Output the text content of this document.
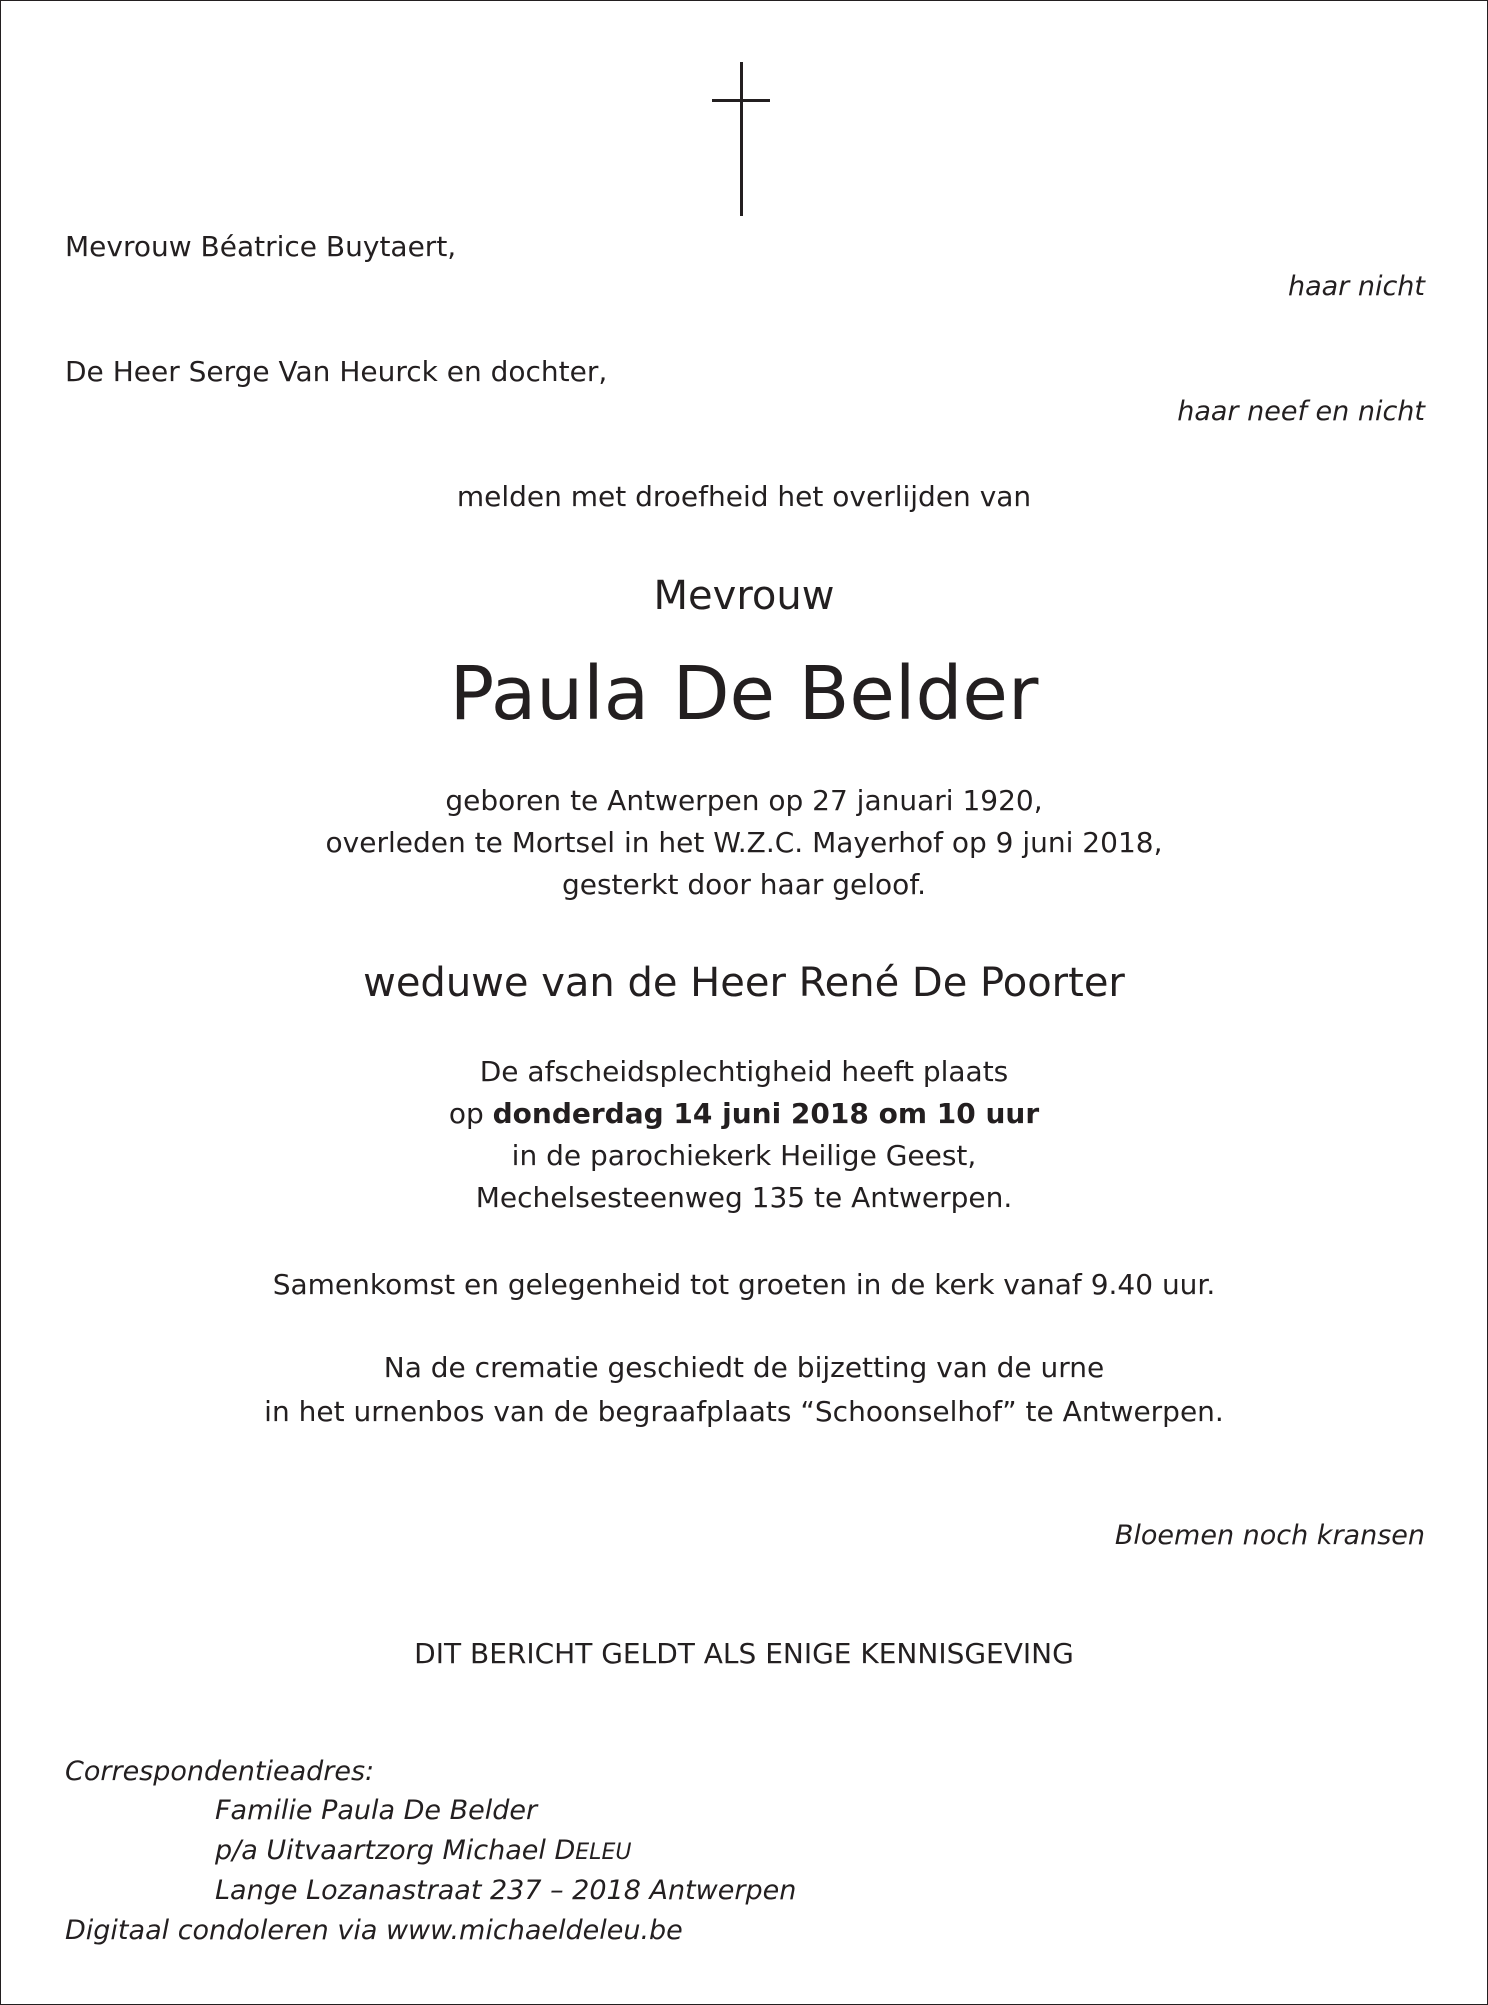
Mevrouw Béatrice Buytaert,
haar nicht
De Heer Serge Van Heurck en dochter,
haar neef en nicht
melden met droefheid het overlijden van
Mevrouw
Paula De Belder
geboren te Antwerpen op 27 januari 1920,
overleden te Mortsel in het W.Z.C. Mayerhof op 9 juni 2018,
gesterkt door haar geloof.
weduwe van de Heer René De Poorter
De afscheidsplechtigheid heeft plaats
op donderdag 14 juni 2018 om 10 uur
in de parochiekerk Heilige Geest,
Mechelsesteenweg 135 te Antwerpen.
Samenkomst en gelegenheid tot groeten in de kerk vanaf 9.40 uur.
Na de crematie geschiedt de bijzetting van de urne
in het urnenbos van de begraafplaats “Schoonselhof” te Antwerpen.
Bloemen noch kransen
DIT BERICHT GELDT ALS ENIGE KENNISGEVING
Correspondentieadres:
Familie Paula De Belder
p/a Uitvaartzorg Michael DELEU
Lange Lozanastraat 237 – 2018 Antwerpen
Digitaal condoleren via www.michaeldeleu.be
